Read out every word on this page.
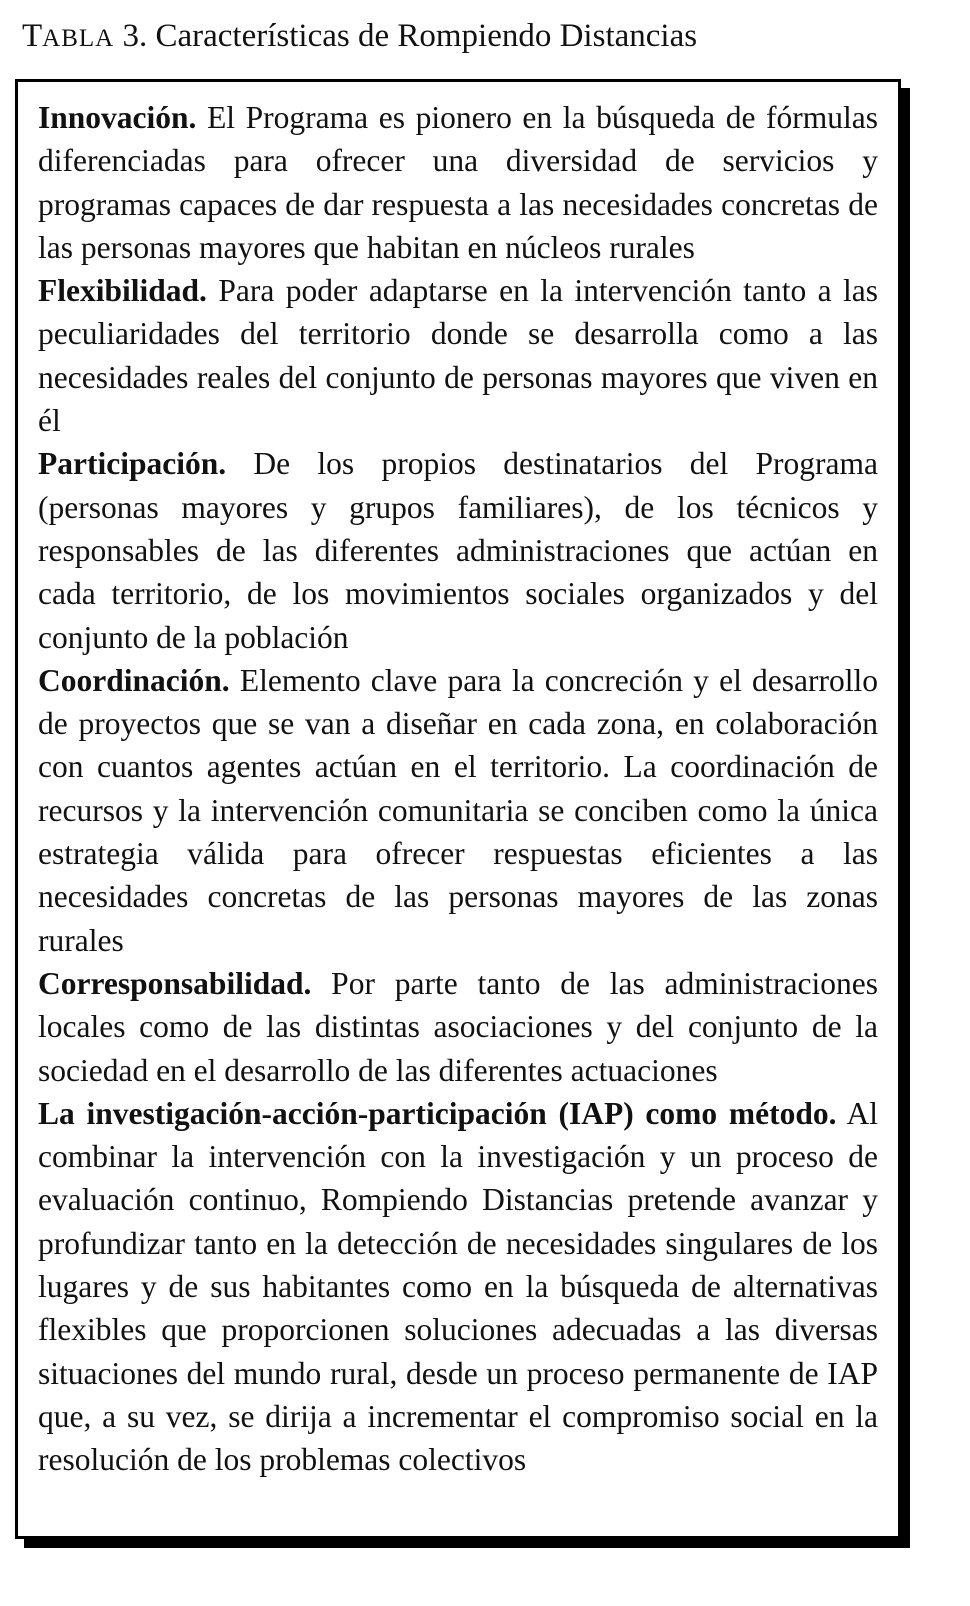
TABLA 3. Características de Rompiendo Distancias

Innovación. El Programa es pionero en la búsqueda de fórmulas diferenciadas para ofrecer una diversidad de servicios y programas capaces de dar respuesta a las necesidades concretas de las personas mayores que habitan en núcleos rurales

Flexibilidad. Para poder adaptarse en la intervención tanto a las peculiaridades del territorio donde se desarrolla como a las necesidades reales del conjunto de personas mayores que viven en él

Participación. De los propios destinatarios del Programa (personas mayores y grupos familiares), de los técnicos y responsables de las diferentes administraciones que actúan en cada territorio, de los movimientos sociales organizados y del conjunto de la población

Coordinación. Elemento clave para la concreción y el desarrollo de proyectos que se van a diseñar en cada zona, en colaboración con cuantos agentes actúan en el territorio. La coordinación de recursos y la intervención comunitaria se conciben como la única estrategia válida para ofrecer respuestas eficientes a las necesidades concretas de las personas mayores de las zonas rurales

Corresponsabilidad. Por parte tanto de las administraciones locales como de las distintas asociaciones y del conjunto de la sociedad en el desarrollo de las diferentes actuaciones

La investigación-acción-participación (IAP) como método. Al combinar la intervención con la investigación y un proceso de evaluación continuo, Rompiendo Distancias pretende avanzar y profundizar tanto en la detección de necesidades singulares de los lugares y de sus habitantes como en la búsqueda de alternativas flexibles que proporcionen soluciones adecuadas a las diversas situaciones del mundo rural, desde un proceso permanente de IAP que, a su vez, se dirija a incrementar el compromiso social en la resolución de los problemas colectivos
